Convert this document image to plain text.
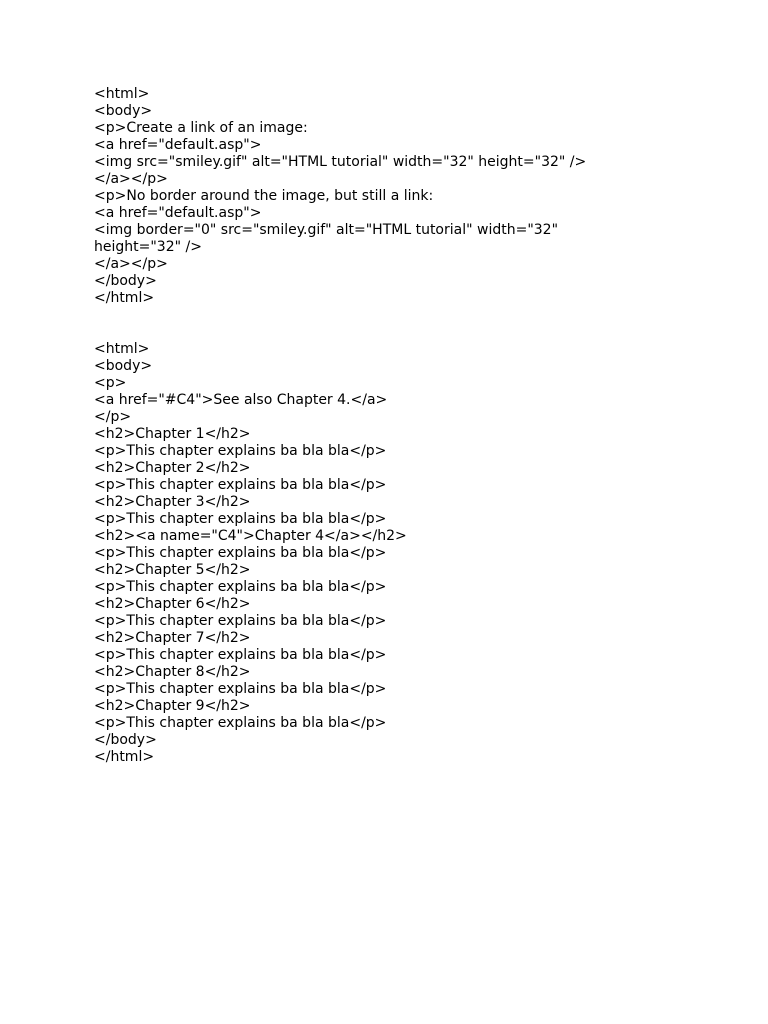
<html>
<body>
<p>Create a link of an image:
<a href="default.asp">
<img src="smiley.gif" alt="HTML tutorial" width="32" height="32" />
</a></p>
<p>No border around the image, but still a link:
<a href="default.asp">
<img border="0" src="smiley.gif" alt="HTML tutorial" width="32"
height="32" />
</a></p>
</body>
</html>
<html>
<body>
<p>
<a href="#C4">See also Chapter 4.</a>
</p>
<h2>Chapter 1</h2>
<p>This chapter explains ba bla bla</p>
<h2>Chapter 2</h2>
<p>This chapter explains ba bla bla</p>
<h2>Chapter 3</h2>
<p>This chapter explains ba bla bla</p>
<h2><a name="C4">Chapter 4</a></h2>
<p>This chapter explains ba bla bla</p>
<h2>Chapter 5</h2>
<p>This chapter explains ba bla bla</p>
<h2>Chapter 6</h2>
<p>This chapter explains ba bla bla</p>
<h2>Chapter 7</h2>
<p>This chapter explains ba bla bla</p>
<h2>Chapter 8</h2>
<p>This chapter explains ba bla bla</p>
<h2>Chapter 9</h2>
<p>This chapter explains ba bla bla</p>
</body>
</html>
